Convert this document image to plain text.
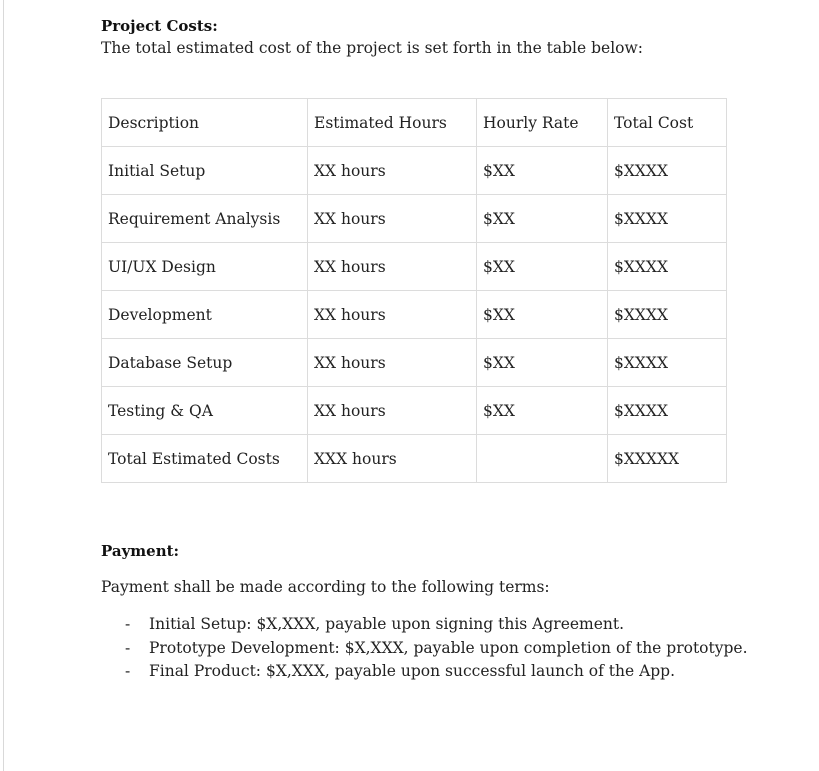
Project Costs:

The total estimated cost of the project is set forth in the table below:

Description	Estimated Hours	Hourly Rate	Total Cost
Initial Setup	XX hours	$XX	$XXXX
Requirement Analysis	XX hours	$XX	$XXXX
UI/UX Design	XX hours	$XX	$XXXX
Development	XX hours	$XX	$XXXX
Database Setup	XX hours	$XX	$XXXX
Testing & QA	XX hours	$XX	$XXXX
Total Estimated Costs	XXX hours		$XXXXX

Payment:

Payment shall be made according to the following terms:

- Initial Setup: $X,XXX, payable upon signing this Agreement.
- Prototype Development: $X,XXX, payable upon completion of the prototype.
- Final Product: $X,XXX, payable upon successful launch of the App.
